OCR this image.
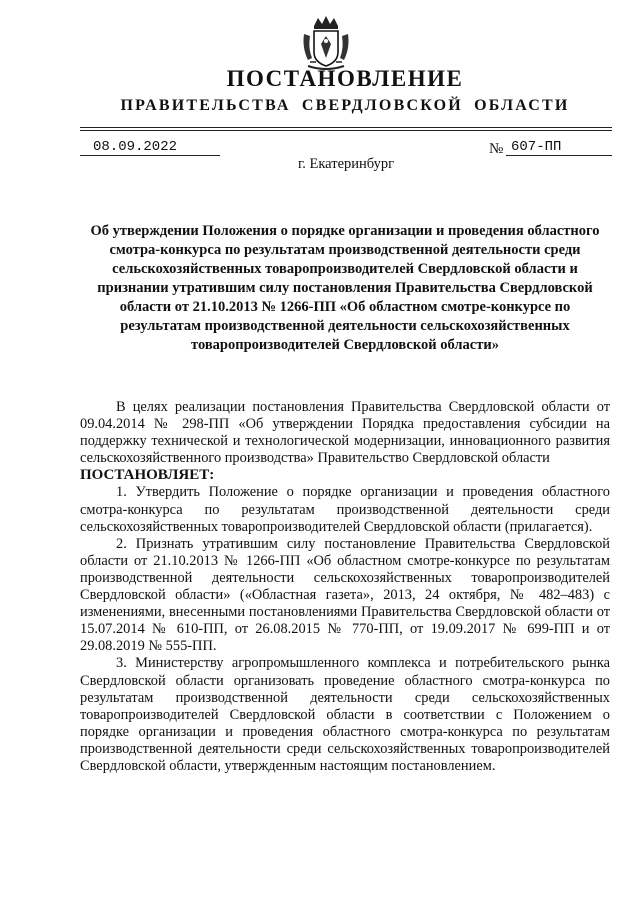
ПОСТАНОВЛЕНИЕ
ПРАВИТЕЛЬСТВА СВЕРДЛОВСКОЙ ОБЛАСТИ
08.09.2022	№ 607-ПП
г. Екатеринбург

Об утверждении Положения о порядке организации и проведения областного смотра-конкурса по результатам производственной деятельности среди сельскохозяйственных товаропроизводителей Свердловской области и признании утратившим силу постановления Правительства Свердловской области от 21.10.2013 № 1266-ПП «Об областном смотре-конкурсе по результатам производственной деятельности сельскохозяйственных товаропроизводителей Свердловской области»

В целях реализации постановления Правительства Свердловской области от 09.04.2014 № 298-ПП «Об утверждении Порядка предоставления субсидии на поддержку технической и технологической модернизации, инновационного развития сельскохозяйственного производства» Правительство Свердловской области

ПОСТАНОВЛЯЕТ:

1. Утвердить Положение о порядке организации и проведения областного смотра-конкурса по результатам производственной деятельности среди сельскохозяйственных товаропроизводителей Свердловской области (прилагается).

2. Признать утратившим силу постановление Правительства Свердловской области от 21.10.2013 № 1266-ПП «Об областном смотре-конкурсе по результатам производственной деятельности сельскохозяйственных товаропроизводителей Свердловской области» («Областная газета», 2013, 24 октября, № 482–483) с изменениями, внесенными постановлениями Правительства Свердловской области от 15.07.2014 № 610-ПП, от 26.08.2015 № 770-ПП, от 19.09.2017 № 699-ПП и от 29.08.2019 № 555-ПП.

3. Министерству агропромышленного комплекса и потребительского рынка Свердловской области организовать проведение областного смотра-конкурса по результатам производственной деятельности среди сельскохозяйственных товаропроизводителей Свердловской области в соответствии с Положением о порядке организации и проведения областного смотра-конкурса по результатам производственной деятельности среди сельскохозяйственных товаропроизводителей Свердловской области, утвержденным настоящим постановлением.
